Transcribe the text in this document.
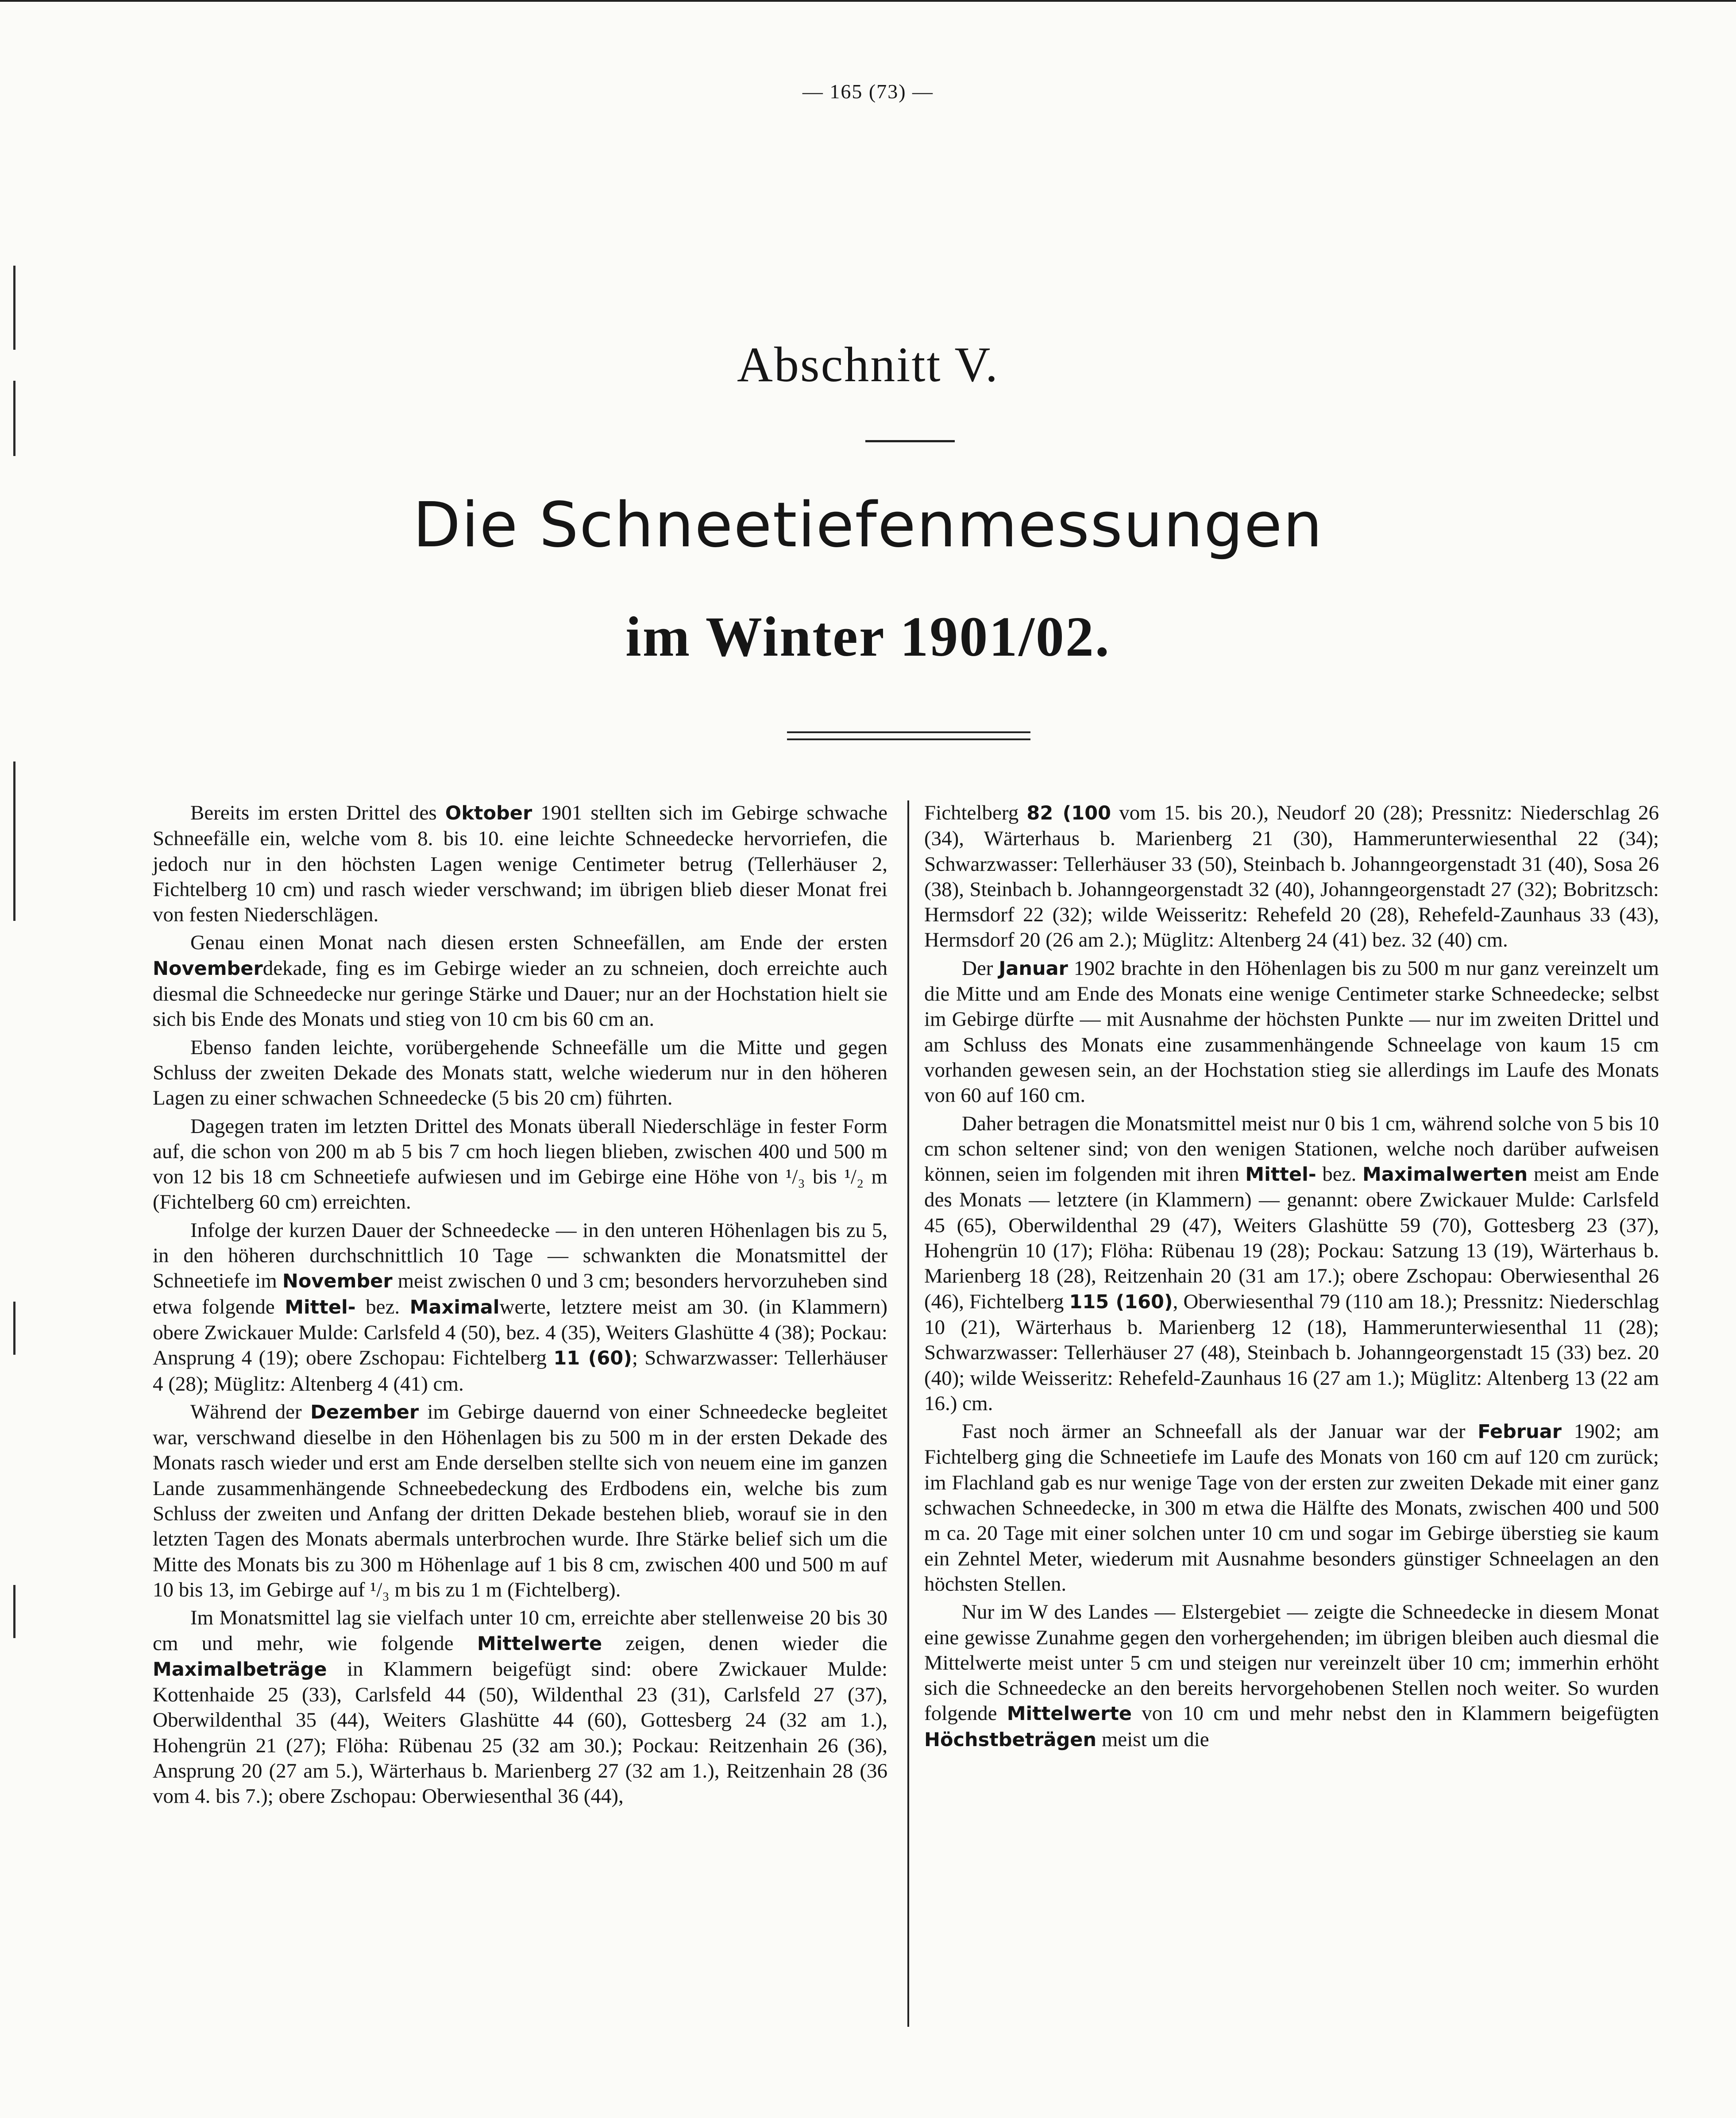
— 165 (73) —
Abschnitt V.
Die Schneetiefenmessungen
im Winter 1901/02.

Bereits im ersten Drittel des Oktober 1901 stellten sich im Gebirge schwache Schneefälle ein, welche vom 8. bis 10. eine leichte Schneedecke hervorriefen, die jedoch nur in den höchsten Lagen wenige Centimeter betrug (Tellerhäuser 2, Fichtelberg 10 cm) und rasch wieder verschwand; im übrigen blieb dieser Monat frei von festen Niederschlägen.

Genau einen Monat nach diesen ersten Schneefällen, am Ende der ersten Novemberdekade, fing es im Gebirge wieder an zu schneien, doch erreichte auch diesmal die Schneedecke nur geringe Stärke und Dauer; nur an der Hochstation hielt sie sich bis Ende des Monats und stieg von 10 cm bis 60 cm an.

Ebenso fanden leichte, vorübergehende Schneefälle um die Mitte und gegen Schluss der zweiten Dekade des Monats statt, welche wiederum nur in den höheren Lagen zu einer schwachen Schneedecke (5 bis 20 cm) führten.

Dagegen traten im letzten Drittel des Monats überall Niederschläge in fester Form auf, die schon von 200 m ab 5 bis 7 cm hoch liegen blieben, zwischen 400 und 500 m von 12 bis 18 cm Schneetiefe aufwiesen und im Gebirge eine Höhe von ¹/₃ bis ¹/₂ m (Fichtelberg 60 cm) erreichten.

Infolge der kurzen Dauer der Schneedecke — in den unteren Höhenlagen bis zu 5, in den höheren durchschnittlich 10 Tage — schwankten die Monatsmittel der Schneetiefe im November meist zwischen 0 und 3 cm; besonders hervorzuheben sind etwa folgende Mittel- bez. Maximalwerte, letztere meist am 30. (in Klammern) obere Zwickauer Mulde: Carlsfeld 4 (50), bez. 4 (35), Weiters Glashütte 4 (38); Pockau: Ansprung 4 (19); obere Zschopau: Fichtelberg 11 (60); Schwarzwasser: Tellerhäuser 4 (28); Müglitz: Altenberg 4 (41) cm.

Während der Dezember im Gebirge dauernd von einer Schneedecke begleitet war, verschwand dieselbe in den Höhenlagen bis zu 500 m in der ersten Dekade des Monats rasch wieder und erst am Ende derselben stellte sich von neuem eine im ganzen Lande zusammenhängende Schneebedeckung des Erdbodens ein, welche bis zum Schluss der zweiten und Anfang der dritten Dekade bestehen blieb, worauf sie in den letzten Tagen des Monats abermals unterbrochen wurde. Ihre Stärke belief sich um die Mitte des Monats bis zu 300 m Höhenlage auf 1 bis 8 cm, zwischen 400 und 500 m auf 10 bis 13, im Gebirge auf ¹/₃ m bis zu 1 m (Fichtelberg).

Im Monatsmittel lag sie vielfach unter 10 cm, erreichte aber stellenweise 20 bis 30 cm und mehr, wie folgende Mittelwerte zeigen, denen wieder die Maximalbeträge in Klammern beigefügt sind: obere Zwickauer Mulde: Kottenhaide 25 (33), Carlsfeld 44 (50), Wildenthal 23 (31), Carlsfeld 27 (37), Oberwildenthal 35 (44), Weiters Glashütte 44 (60), Gottesberg 24 (32 am 1.), Hohengrün 21 (27); Flöha: Rübenau 25 (32 am 30.); Pockau: Reitzenhain 26 (36), Ansprung 20 (27 am 5.), Wärterhaus b. Marienberg 27 (32 am 1.), Reitzenhain 28 (36 vom 4. bis 7.); obere Zschopau: Oberwiesenthal 36 (44),

Fichtelberg 82 (100 vom 15. bis 20.), Neudorf 20 (28); Pressnitz: Niederschlag 26 (34), Wärterhaus b. Marienberg 21 (30), Hammerunterwiesenthal 22 (34); Schwarzwasser: Tellerhäuser 33 (50), Steinbach b. Johanngeorgenstadt 31 (40), Sosa 26 (38), Steinbach b. Johanngeorgenstadt 32 (40), Johanngeorgenstadt 27 (32); Bobritzsch: Hermsdorf 22 (32); wilde Weisseritz: Rehefeld 20 (28), Rehefeld-Zaunhaus 33 (43), Hermsdorf 20 (26 am 2.); Müglitz: Altenberg 24 (41) bez. 32 (40) cm.

Der Januar 1902 brachte in den Höhenlagen bis zu 500 m nur ganz vereinzelt um die Mitte und am Ende des Monats eine wenige Centimeter starke Schneedecke; selbst im Gebirge dürfte — mit Ausnahme der höchsten Punkte — nur im zweiten Drittel und am Schluss des Monats eine zusammenhängende Schneelage von kaum 15 cm vorhanden gewesen sein, an der Hochstation stieg sie allerdings im Laufe des Monats von 60 auf 160 cm.

Daher betragen die Monatsmittel meist nur 0 bis 1 cm, während solche von 5 bis 10 cm schon seltener sind; von den wenigen Stationen, welche noch darüber aufweisen können, seien im folgenden mit ihren Mittel- bez. Maximalwerten meist am Ende des Monats — letztere (in Klammern) — genannt: obere Zwickauer Mulde: Carlsfeld 45 (65), Oberwildenthal 29 (47), Weiters Glashütte 59 (70), Gottesberg 23 (37), Hohengrün 10 (17); Flöha: Rübenau 19 (28); Pockau: Satzung 13 (19), Wärterhaus b. Marienberg 18 (28), Reitzenhain 20 (31 am 17.); obere Zschopau: Oberwiesenthal 26 (46), Fichtelberg 115 (160), Oberwiesenthal 79 (110 am 18.); Pressnitz: Niederschlag 10 (21), Wärterhaus b. Marienberg 12 (18), Hammerunterwiesenthal 11 (28); Schwarzwasser: Tellerhäuser 27 (48), Steinbach b. Johanngeorgenstadt 15 (33) bez. 20 (40); wilde Weisseritz: Rehefeld-Zaunhaus 16 (27 am 1.); Müglitz: Altenberg 13 (22 am 16.) cm.

Fast noch ärmer an Schneefall als der Januar war der Februar 1902; am Fichtelberg ging die Schneetiefe im Laufe des Monats von 160 cm auf 120 cm zurück; im Flachland gab es nur wenige Tage von der ersten zur zweiten Dekade mit einer ganz schwachen Schneedecke, in 300 m etwa die Hälfte des Monats, zwischen 400 und 500 m ca. 20 Tage mit einer solchen unter 10 cm und sogar im Gebirge überstieg sie kaum ein Zehntel Meter, wiederum mit Ausnahme besonders günstiger Schneelagen an den höchsten Stellen.

Nur im W des Landes — Elstergebiet — zeigte die Schneedecke in diesem Monat eine gewisse Zunahme gegen den vorhergehenden; im übrigen bleiben auch diesmal die Mittelwerte meist unter 5 cm und steigen nur vereinzelt über 10 cm; immerhin erhöht sich die Schneedecke an den bereits hervorgehobenen Stellen noch weiter. So wurden folgende Mittelwerte von 10 cm und mehr nebst den in Klammern beigefügten Höchstbeträgen meist um die
